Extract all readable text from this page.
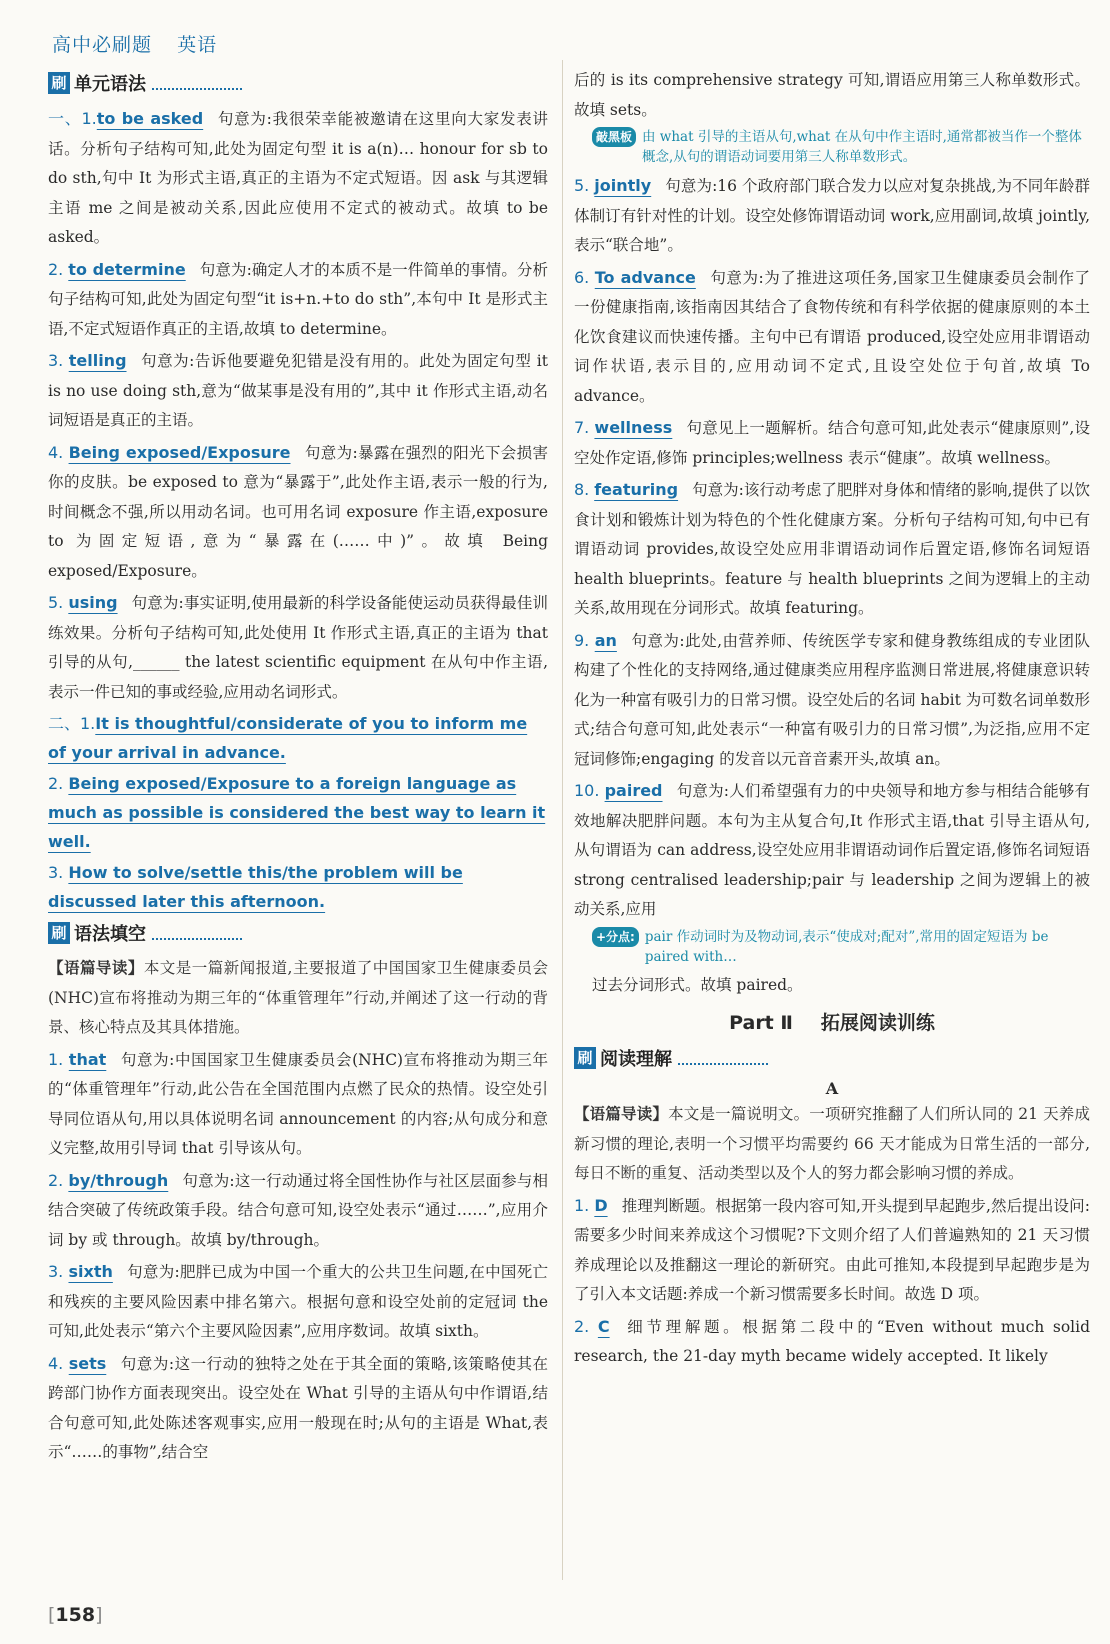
高中必刷题 英语
刷 单元语法

一、1.to be asked 句意为:我很荣幸能被邀请在这里向大家发表讲话。分析句子结构可知,此处为固定句型 it is a(n)… honour for sb to do sth,句中 It 为形式主语,真正的主语为不定式短语。因 ask 与其逻辑主语 me 之间是被动关系,因此应使用不定式的被动式。故填 to be asked。

2. to determine 句意为:确定人才的本质不是一件简单的事情。分析句子结构可知,此处为固定句型“it is+n.+to do sth”,本句中 It 是形式主语,不定式短语作真正的主语,故填 to determine。

3. telling 句意为:告诉他要避免犯错是没有用的。此处为固定句型 it is no use doing sth,意为“做某事是没有用的”,其中 it 作形式主语,动名词短语是真正的主语。

4. Being exposed/Exposure 句意为:暴露在强烈的阳光下会损害你的皮肤。be exposed to 意为“暴露于”,此处作主语,表示一般的行为,时间概念不强,所以用动名词。也可用名词 exposure 作主语,exposure to 为固定短语,意为“暴露在(……中)”。故填 Being exposed/Exposure。

5. using 句意为:事实证明,使用最新的科学设备能使运动员获得最佳训练效果。分析句子结构可知,此处使用 It 作形式主语,真正的主语为 that 引导的从句,______ the latest scientific equipment 在从句中作主语,表示一件已知的事或经验,应用动名词形式。

二、1.It is thoughtful/considerate of you to inform me of your arrival in advance.

2. Being exposed/Exposure to a foreign language as much as possible is considered the best way to learn it well.

3. How to solve/settle this/the problem will be discussed later this afternoon.

刷 语法填空

【语篇导读】本文是一篇新闻报道,主要报道了中国国家卫生健康委员会(NHC)宣布将推动为期三年的“体重管理年”行动,并阐述了这一行动的背景、核心特点及其具体措施。

1. that 句意为:中国国家卫生健康委员会(NHC)宣布将推动为期三年的“体重管理年”行动,此公告在全国范围内点燃了民众的热情。设空处引导同位语从句,用以具体说明名词 announcement 的内容;从句成分和意义完整,故用引导词 that 引导该从句。

2. by/through 句意为:这一行动通过将全国性协作与社区层面参与相结合突破了传统政策手段。结合句意可知,设空处表示“通过……”,应用介词 by 或 through。故填 by/through。

3. sixth 句意为:肥胖已成为中国一个重大的公共卫生问题,在中国死亡和残疾的主要风险因素中排名第六。根据句意和设空处前的定冠词 the 可知,此处表示“第六个主要风险因素”,应用序数词。故填 sixth。

4. sets 句意为:这一行动的独特之处在于其全面的策略,该策略使其在跨部门协作方面表现突出。设空处在 What 引导的主语从句中作谓语,结合句意可知,此处陈述客观事实,应用一般现在时;从句的主语是 What,表示“……的事物”,结合空

后的 is its comprehensive strategy 可知,谓语应用第三人称单数形式。故填 sets。

敲黑板 由 what 引导的主语从句,what 在从句中作主语时,通常都被当作一个整体概念,从句的谓语动词要用第三人称单数形式。

5. jointly 句意为:16 个政府部门联合发力以应对复杂挑战,为不同年龄群体制订有针对性的计划。设空处修饰谓语动词 work,应用副词,故填 jointly,表示“联合地”。

6. To advance 句意为:为了推进这项任务,国家卫生健康委员会制作了一份健康指南,该指南因其结合了食物传统和有科学依据的健康原则的本土化饮食建议而快速传播。主句中已有谓语 produced,设空处应用非谓语动词作状语,表示目的,应用动词不定式,且设空处位于句首,故填 To advance。

7. wellness 句意见上一题解析。结合句意可知,此处表示“健康原则”,设空处作定语,修饰 principles;wellness 表示“健康”。故填 wellness。

8. featuring 句意为:该行动考虑了肥胖对身体和情绪的影响,提供了以饮食计划和锻炼计划为特色的个性化健康方案。分析句子结构可知,句中已有谓语动词 provides,故设空处应用非谓语动词作后置定语,修饰名词短语 health blueprints。feature 与 health blueprints 之间为逻辑上的主动关系,故用现在分词形式。故填 featuring。

9. an 句意为:此处,由营养师、传统医学专家和健身教练组成的专业团队构建了个性化的支持网络,通过健康类应用程序监测日常进展,将健康意识转化为一种富有吸引力的日常习惯。设空处后的名词 habit 为可数名词单数形式;结合句意可知,此处表示“一种富有吸引力的日常习惯”,为泛指,应用不定冠词修饰;engaging 的发音以元音音素开头,故填 an。

10. paired 句意为:人们希望强有力的中央领导和地方参与相结合能够有效地解决肥胖问题。本句为主从复合句,It 作形式主语,that 引导主语从句,从句谓语为 can address,设空处应用非谓语动词作后置定语,修饰名词短语 strong centralised leadership;pair 与 leadership 之间为逻辑上的被动关系,应用

+分点: pair 作动词时为及物动词,表示“使成对;配对”,常用的固定短语为 be paired with…

过去分词形式。故填 paired。

Part Ⅱ 拓展阅读训练
刷 阅读理解
A

【语篇导读】本文是一篇说明文。一项研究推翻了人们所认同的 21 天养成新习惯的理论,表明一个习惯平均需要约 66 天才能成为日常生活的一部分,每日不断的重复、活动类型以及个人的努力都会影响习惯的养成。

1. D 推理判断题。根据第一段内容可知,开头提到早起跑步,然后提出设问:需要多少时间来养成这个习惯呢?下文则介绍了人们普遍熟知的 21 天习惯养成理论以及推翻这一理论的新研究。由此可推知,本段提到早起跑步是为了引入本文话题:养成一个新习惯需要多长时间。故选 D 项。

2. C 细节理解题。根据第二段中的“Even without much solid research, the 21-day myth became widely accepted. It likely

[158]
